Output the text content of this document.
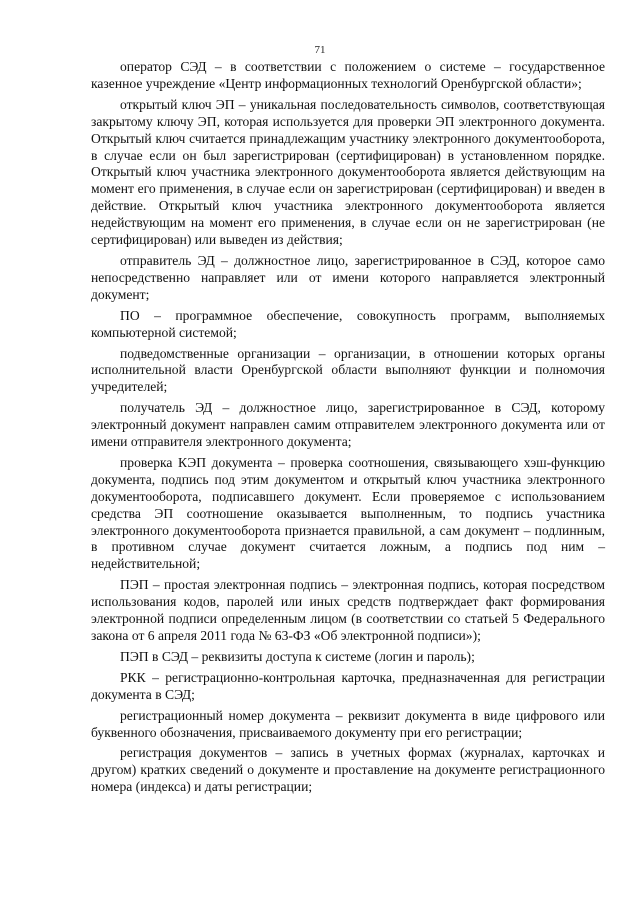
71

оператор СЭД – в соответствии с положением о системе – государственное казенное учреждение «Центр информационных технологий Оренбургской области»;

открытый ключ ЭП – уникальная последовательность символов, соответствующая закрытому ключу ЭП, которая используется для проверки ЭП электронного документа. Открытый ключ считается принадлежащим участнику электронного документооборота, в случае если он был зарегистрирован (сертифицирован) в установленном порядке. Открытый ключ участника электронного документооборота является действующим на момент его применения, в случае если он зарегистрирован (сертифицирован) и введен в действие. Открытый ключ участника электронного документооборота является недействующим на момент его применения, в случае если он не зарегистрирован (не сертифицирован) или выведен из действия;

отправитель ЭД – должностное лицо, зарегистрированное в СЭД, которое само непосредственно направляет или от имени которого направляется электронный документ;

ПО – программное обеспечение, совокупность программ, выполняемых компьютерной системой;

подведомственные организации – организации, в отношении которых органы исполнительной власти Оренбургской области выполняют функции и полномочия учредителей;

получатель ЭД – должностное лицо, зарегистрированное в СЭД, которому электронный документ направлен самим отправителем электронного документа или от имени отправителя электронного документа;

проверка КЭП документа – проверка соотношения, связывающего хэш-функцию документа, подпись под этим документом и открытый ключ участника электронного документооборота, подписавшего документ. Если проверяемое с использованием средства ЭП соотношение оказывается выполненным, то подпись участника электронного документооборота признается правильной, а сам документ – подлинным, в противном случае документ считается ложным, а подпись под ним – недействительной;

ПЭП – простая электронная подпись – электронная подпись, которая посредством использования кодов, паролей или иных средств подтверждает факт формирования электронной подписи определенным лицом (в соответствии со статьей 5 Федерального закона от 6 апреля 2011 года № 63-ФЗ «Об электронной подписи»);

ПЭП в СЭД – реквизиты доступа к системе (логин и пароль);

РКК – регистрационно-контрольная карточка, предназначенная для регистрации документа в СЭД;

регистрационный номер документа – реквизит документа в виде цифрового или буквенного обозначения, присваиваемого документу при его регистрации;

регистрация документов – запись в учетных формах (журналах, карточках и другом) кратких сведений о документе и проставление на документе регистрационного номера (индекса) и даты регистрации;
